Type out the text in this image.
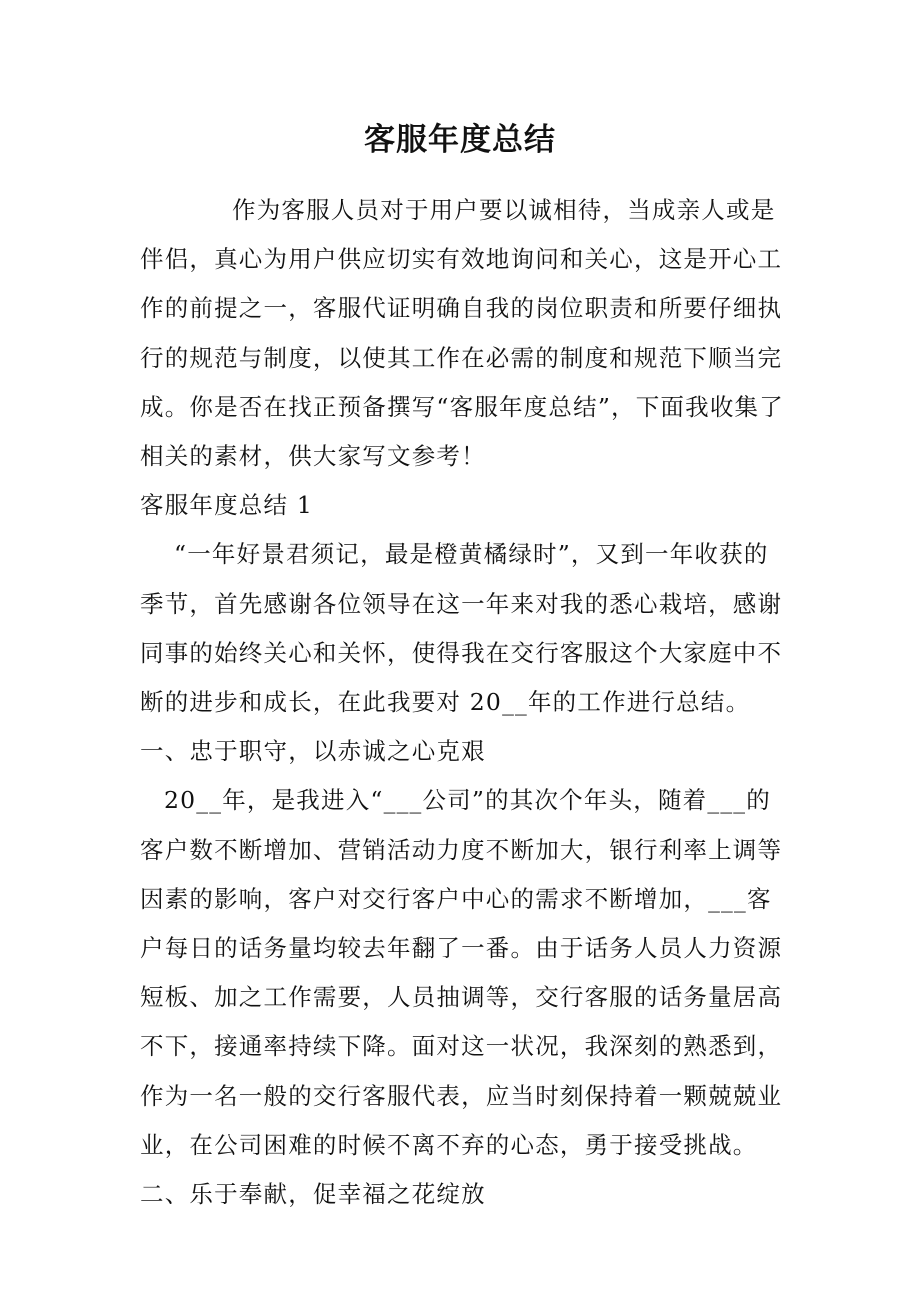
客服年度总结

作为客服人员对于用户要以诚相待，当成亲人或是伴侣，真心为用户供应切实有效地询问和关心，这是开心工作的前提之一，客服代证明确自我的岗位职责和所要仔细执行的规范与制度，以使其工作在必需的制度和规范下顺当完成。你是否在找正预备撰写“客服年度总结”，下面我收集了相关的素材，供大家写文参考！

客服年度总结 1

“一年好景君须记，最是橙黄橘绿时”，又到一年收获的季节，首先感谢各位领导在这一年来对我的悉心栽培，感谢同事的始终关心和关怀，使得我在交行客服这个大家庭中不断的进步和成长，在此我要对 20__年的工作进行总结。

一、忠于职守，以赤诚之心克艰

20__年，是我进入“___公司”的其次个年头，随着___的客户数不断增加、营销活动力度不断加大，银行利率上调等因素的影响，客户对交行客户中心的需求不断增加，___客户每日的话务量均较去年翻了一番。由于话务人员人力资源短板、加之工作需要，人员抽调等，交行客服的话务量居高不下，接通率持续下降。面对这一状况，我深刻的熟悉到，作为一名一般的交行客服代表，应当时刻保持着一颗兢兢业业，在公司困难的时候不离不弃的心态，勇于接受挑战。

二、乐于奉献，促幸福之花绽放
